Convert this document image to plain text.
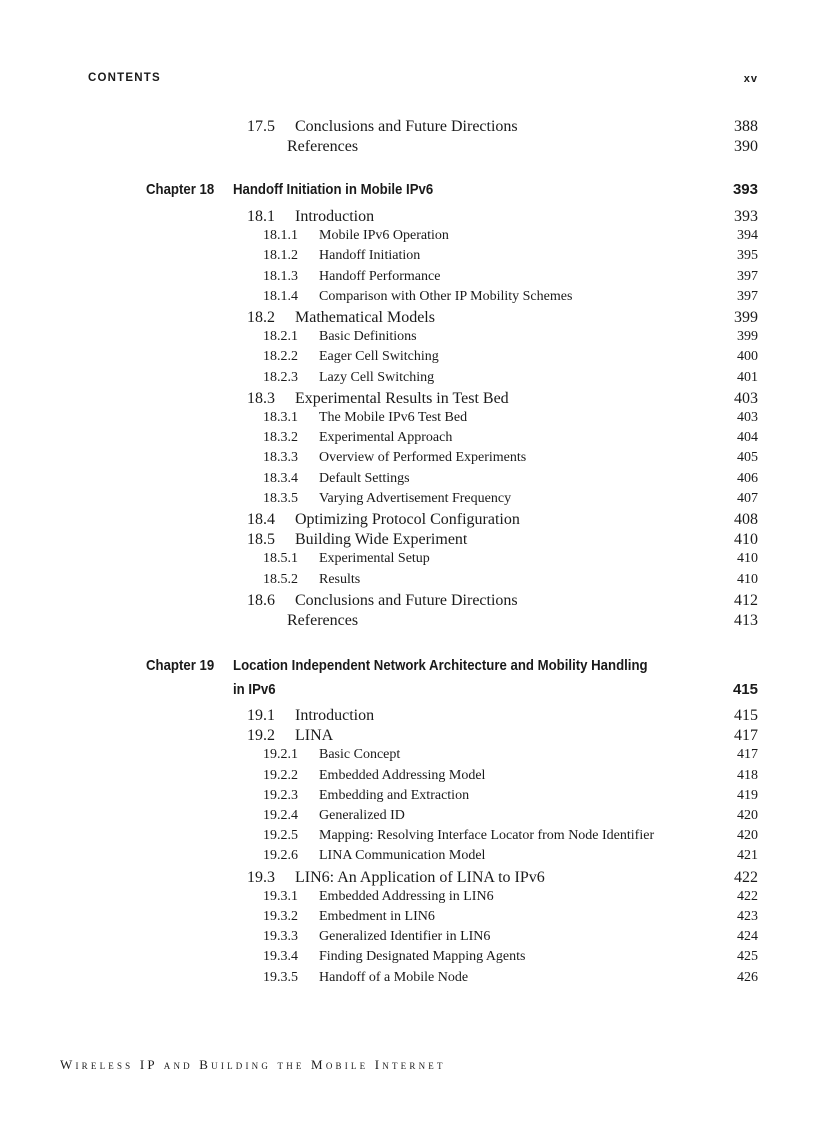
CONTENTS	xv
17.5 Conclusions and Future Directions	388
References	390
Chapter 18 Handoff Initiation in Mobile IPv6	393
18.1 Introduction	393
18.1.1 Mobile IPv6 Operation	394
18.1.2 Handoff Initiation	395
18.1.3 Handoff Performance	397
18.1.4 Comparison with Other IP Mobility Schemes	397
18.2 Mathematical Models	399
18.2.1 Basic Definitions	399
18.2.2 Eager Cell Switching	400
18.2.3 Lazy Cell Switching	401
18.3 Experimental Results in Test Bed	403
18.3.1 The Mobile IPv6 Test Bed	403
18.3.2 Experimental Approach	404
18.3.3 Overview of Performed Experiments	405
18.3.4 Default Settings	406
18.3.5 Varying Advertisement Frequency	407
18.4 Optimizing Protocol Configuration	408
18.5 Building Wide Experiment	410
18.5.1 Experimental Setup	410
18.5.2 Results	410
18.6 Conclusions and Future Directions	412
References	413
Chapter 19 Location Independent Network Architecture and Mobility Handling
in IPv6	415
19.1 Introduction	415
19.2 LINA	417
19.2.1 Basic Concept	417
19.2.2 Embedded Addressing Model	418
19.2.3 Embedding and Extraction	419
19.2.4 Generalized ID	420
19.2.5 Mapping: Resolving Interface Locator from Node Identifier	420
19.2.6 LINA Communication Model	421
19.3 LIN6: An Application of LINA to IPv6	422
19.3.1 Embedded Addressing in LIN6	422
19.3.2 Embedment in LIN6	423
19.3.3 Generalized Identifier in LIN6	424
19.3.4 Finding Designated Mapping Agents	425
19.3.5 Handoff of a Mobile Node	426
Wireless IP and Building the Mobile Internet
